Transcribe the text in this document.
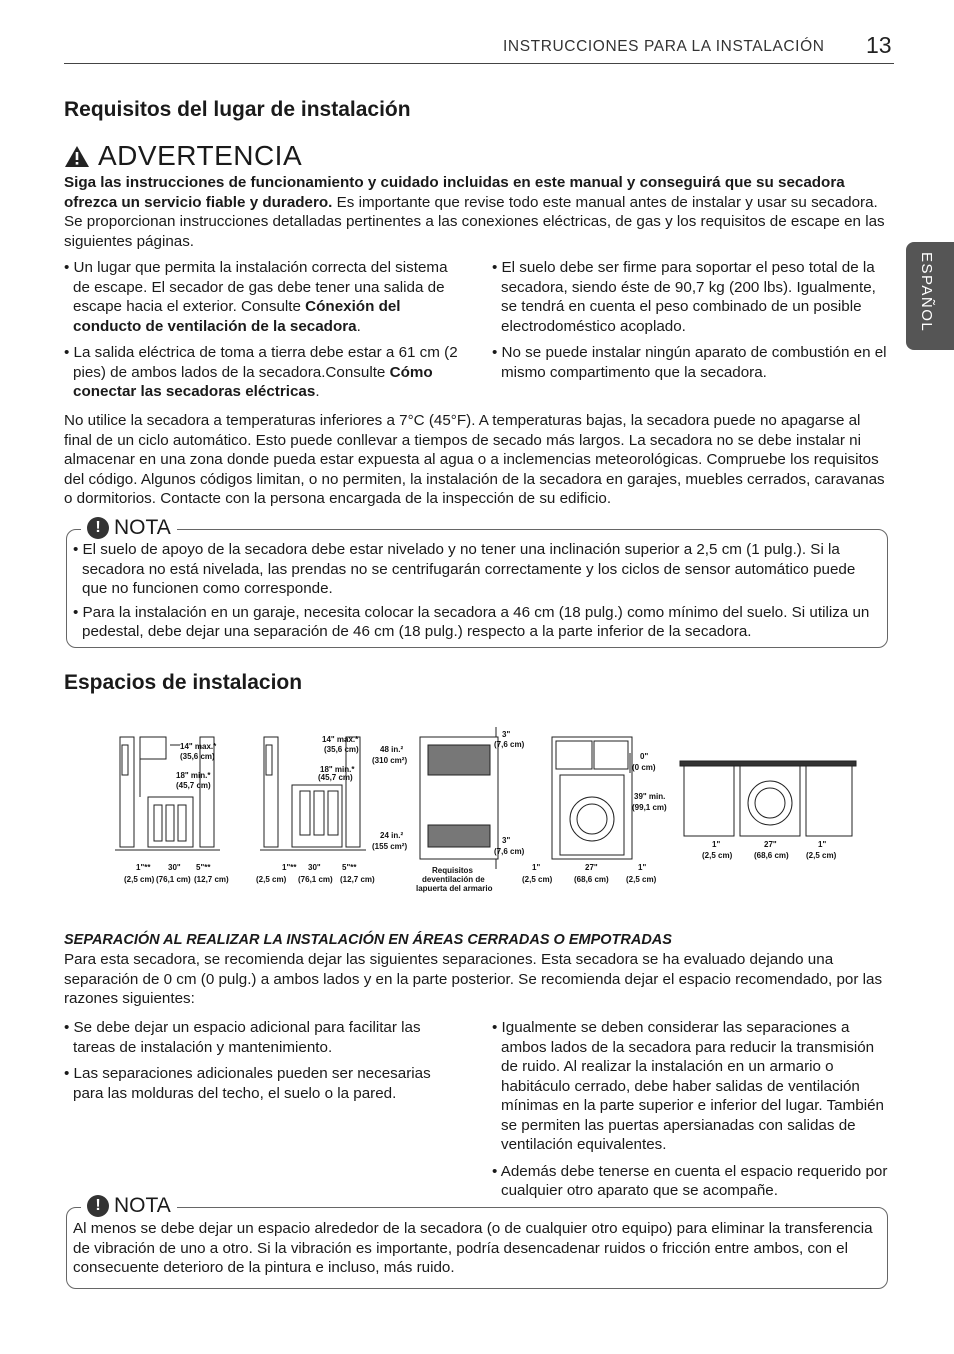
INSTRUCCIONES PARA LA INSTALACIÓN 13
ESPAÑOL
Requisitos del lugar de instalación
ADVERTENCIA

Siga las instrucciones de funcionamiento y cuidado incluidas en este manual y conseguirá que su secadora ofrezca un servicio fiable y duradero. Es importante que revise todo este manual antes de instalar y usar su secadora. Se proporcionan instrucciones detalladas pertinentes a las conexiones eléctricas, de gas y los requisitos de escape en las siguientes páginas.

• Un lugar que permita la instalación correcta del sistema de escape. El secador de gas debe tener una salida de escape hacia el exterior. Consulte Cónexión del conducto de ventilación de la secadora.

• La salida eléctrica de toma a tierra debe estar a 61 cm (2 pies) de ambos lados de la secadora.Consulte Cómo conectar las secadoras eléctricas.

• El suelo debe ser firme para soportar el peso total de la secadora, siendo éste de 90,7 kg (200 lbs). Igualmente, se tendrá en cuenta el peso combinado de un posible electrodoméstico acoplado.

• No se puede instalar ningún aparato de combustión en el mismo compartimento que la secadora.

No utilice la secadora a temperaturas inferiores a 7°C (45°F). A temperaturas bajas, la secadora puede no apagarse al final de un ciclo automático. Esto puede conllevar a tiempos de secado más largos. La secadora no se debe instalar ni almacenar en una zona donde pueda estar expuesta al agua o a inclemencias meteorológicas. Compruebe los requisitos del código. Algunos códigos limitan, o no permiten, la instalación de la secadora en garajes, muebles cerrados, caravanas o dormitorios. Contacte con la persona encargada de la inspección de su edificio.

! NOTA

• El suelo de apoyo de la secadora debe estar nivelado y no tener una inclinación superior a 2,5 cm (1 pulg.). Si la secadora no está nivelada, las prendas no se centrifugarán correctamente y los ciclos de sensor automático puede que no funcionen como corresponde.

• Para la instalación en un garaje, necesita colocar la secadora a 46 cm (18 pulg.) como mínimo del suelo. Si utiliza un pedestal, debe dejar una separación de 46 cm (18 pulg.) respecto a la parte inferior de la secadora.

Espacios de instalacion
14" max.*
(35,6 cm)
18" min.*
(45,7 cm)
1"** 30" 5"**
(2,5 cm) (76,1 cm) (12,7 cm)
14" max.*
(35,6 cm)
18" min.*
(45,7 cm)
1"** 30"	5"**
(2,5 cm) (76,1 cm) (12,7 cm)
48 in.²
(310 cm²)
24 in.²
(155 cm²)
3"
(7,6 cm)
3"
(7,6 cm)
Requisitos
deventilación de
lapuerta del armario
0"
(0 cm)
39" min.
(99,1 cm)
1"	27"	1"
(2,5 cm)	(68,6 cm) (2,5 cm)
1"	27"	1"
(2,5 cm)	(68,6 cm) (2,5 cm)

SEPARACIÓN AL REALIZAR LA INSTALACIÓN EN ÁREAS CERRADAS O EMPOTRADAS

Para esta secadora, se recomienda dejar las siguientes separaciones. Esta secadora se ha evaluado dejando una separación de 0 cm (0 pulg.) a ambos lados y en la parte posterior. Se recomienda dejar el espacio recomendado, por las razones siguientes:

• Se debe dejar un espacio adicional para facilitar las tareas de instalación y mantenimiento.

• Las separaciones adicionales pueden ser necesarias para las molduras del techo, el suelo o la pared.

• Igualmente se deben considerar las separaciones a ambos lados de la secadora para reducir la transmisión de ruido. Al realizar la instalación en un armario o habitáculo cerrado, debe haber salidas de ventilación mínimas en la parte superior e inferior del lugar. También se permiten las puertas apersianadas con salidas de ventilación equivalentes.

• Además debe tenerse en cuenta el espacio requerido por cualquier otro aparato que se acompañe.

! NOTA

Al menos se debe dejar un espacio alrededor de la secadora (o de cualquier otro equipo) para eliminar la transferencia de vibración de uno a otro. Si la vibración es importante, podría desencadenar ruidos o fricción entre ambos, con el consecuente deterioro de la pintura e incluso, más ruido.
